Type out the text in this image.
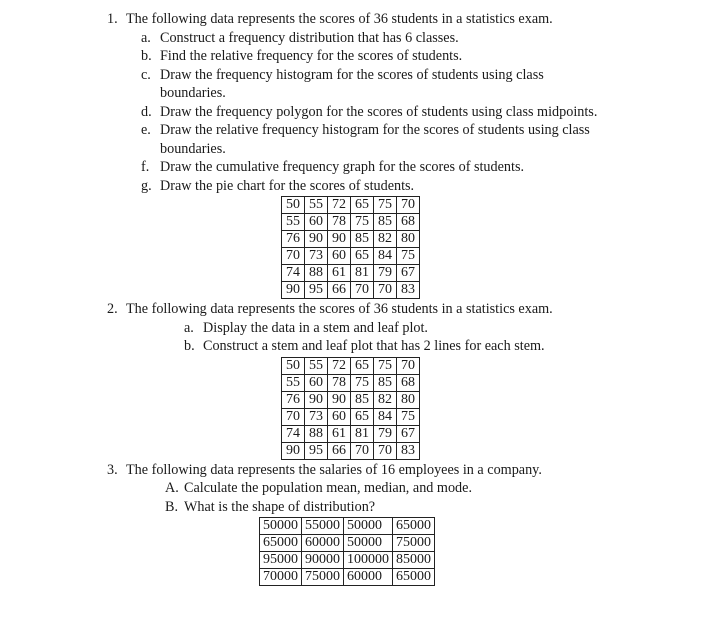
1. The following data represents the scores of 36 students in a statistics exam.
a. Construct a frequency distribution that has 6 classes.
b. Find the relative frequency for the scores of students.
c. Draw the frequency histogram for the scores of students using class boundaries.
d. Draw the frequency polygon for the scores of students using class midpoints.
e. Draw the relative frequency histogram for the scores of students using class boundaries.
f. Draw the cumulative frequency graph for the scores of students.
g. Draw the pie chart for the scores of students.
50	55	72	65	75	70
55	60	78	75	85	68
76	90	90	85	82	80
70	73	60	65	84	75
74	88	61	81	79	67
90	95	66	70	70	83
2. The following data represents the scores of 36 students in a statistics exam.
a. Display the data in a stem and leaf plot.
b. Construct a stem and leaf plot that has 2 lines for each stem.
50	55	72	65	75	70
55	60	78	75	85	68
76	90	90	85	82	80
70	73	60	65	84	75
74	88	61	81	79	67
90	95	66	70	70	83
3. The following data represents the salaries of 16 employees in a company.
A. Calculate the population mean, median, and mode.
B. What is the shape of distribution?
50000	55000	50000	65000
65000	60000	50000	75000
95000	90000	100000	85000
70000	75000	60000	65000
